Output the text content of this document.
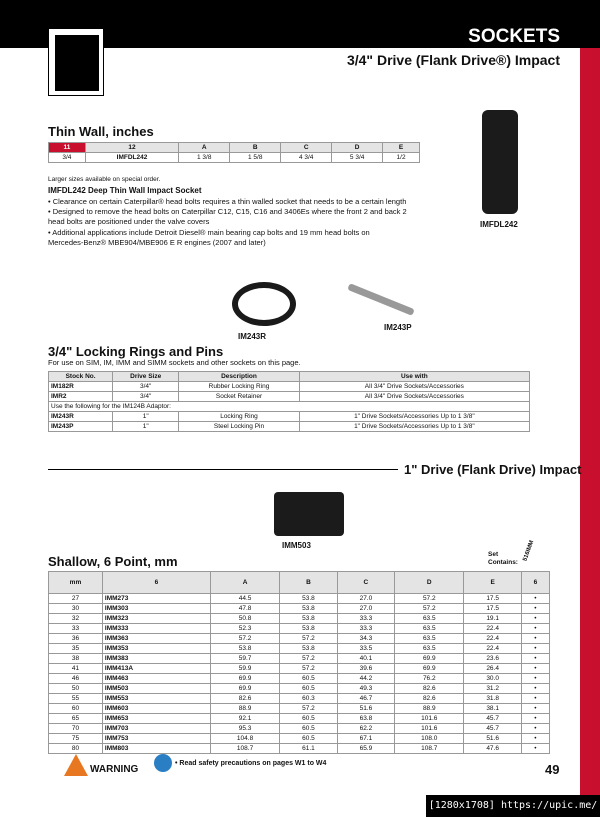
SOCKETS
3/4" Drive (Flank Drive®) Impact
Thin Wall, inches
11	12	A	B	C	D	E
3/4	IMFDL242	1 3/8	1 5/8	4 3/4	5 3/4	1/2
Larger sizes available on special order.
IMFDL242 Deep Thin Wall Impact Socket
• Clearance on certain Caterpillar® head bolts requires a thin walled socket that needs to be a certain length
• Designed to remove the head bolts on Caterpillar C12, C15, C16 and 3406Es where the front 2 and back 2
head bolts are positioned under the valve covers
• Additional applications include Detroit Diesel® main bearing cap bolts and 19 mm head bolts on
Mercedes-Benz® MBE904/MBE906 E R engines (2007 and later)
IMFDL242
IM243R
IM243P
3/4" Locking Rings and Pins
For use on SIM, IM, IMM and SIMM sockets and other sockets on this page.
Stock No.	Drive Size	Description	Use with
IM182R	3/4"	Rubber Locking Ring	All 3/4" Drive Sockets/Accessories
IMR2	3/4"	Socket Retainer	All 3/4" Drive Sockets/Accessories
Use the following for the IM124B Adaptor:			
IM243R	1"	Locking Ring	1" Drive Sockets/Accessories Up to 1 3/8"
IM243P	1"	Steel Locking Pin	1" Drive Sockets/Accessories Up to 1 3/8"
1" Drive (Flank Drive) Impact
IMM503
Shallow, 6 Point, mm	Set Contains:
516IMM
mm	6	A	B	C	D	E	6
27	IMM273	44.5	53.8	27.0	57.2	17.5	•
30	IMM303	47.8	53.8	27.0	57.2	17.5	•
32	IMM323	50.8	53.8	33.3	63.5	19.1	•
33	IMM333	52.3	53.8	33.3	63.5	22.4	•
36	IMM363	57.2	57.2	34.3	63.5	22.4	•
35	IMM353	53.8	53.8	33.5	63.5	22.4	•
38	IMM383	59.7	57.2	40.1	69.9	23.6	•
41	IMM413A	59.9	57.2	39.6	69.9	26.4	•
46	IMM463	69.9	60.5	44.2	76.2	30.0	•
50	IMM503	69.9	60.5	49.3	82.6	31.2	•
55	IMM553	82.6	60.3	46.7	82.6	31.8	•
60	IMM603	88.9	57.2	51.6	88.9	38.1	•
65	IMM653	92.1	60.5	63.8	101.6	45.7	•
70	IMM703	95.3	60.5	62.2	101.6	45.7	•
75	IMM753	104.8	60.5	67.1	108.0	51.6	•
80	IMM803	108.7	61.1	65.9	108.7	47.6	•
WARNING
• Read safety precautions on pages W1 to W4	49
[1280x1708] https://upic.me/
